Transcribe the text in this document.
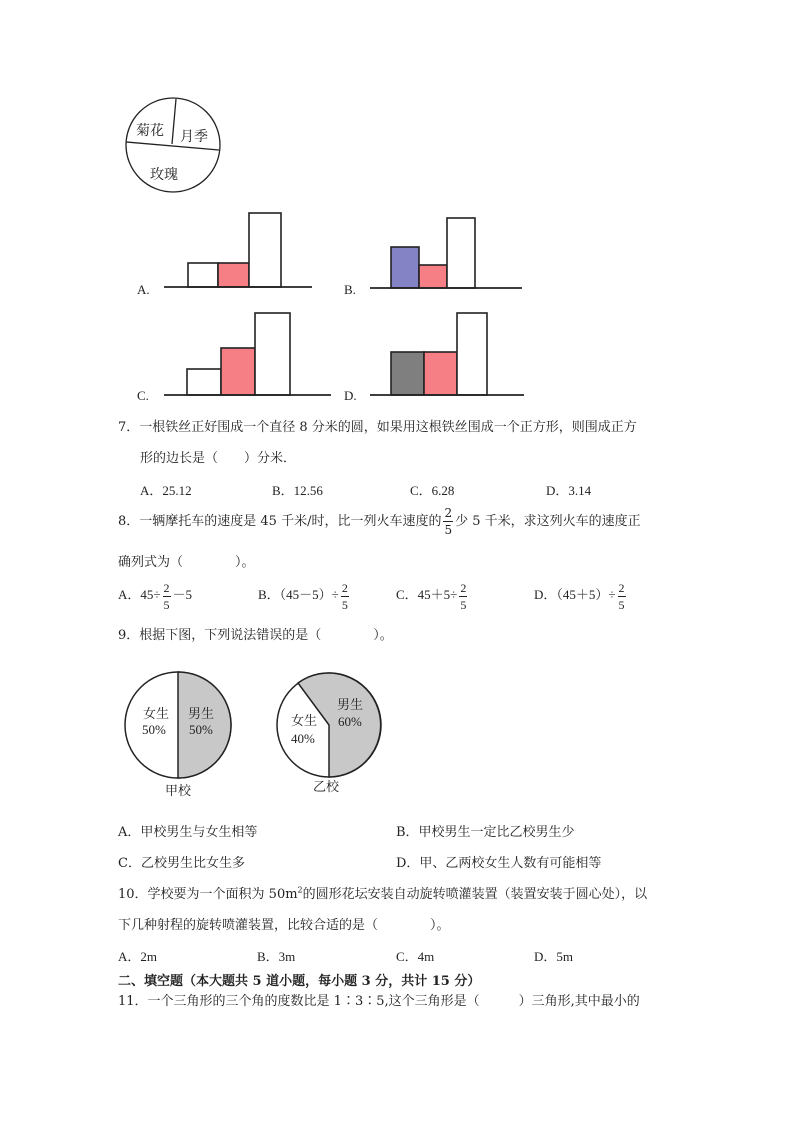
菊花 月季
玫瑰
A.	B.
C.	D.
7．一根铁丝正好围成一个直径 8 分米的圆，如果用这根铁丝围成一个正方形，则围成正方
形的边长是（　　）分米．
A．25.12	B．12.56	C．6.28	D．3.14
8．一辆摩托车的速度是 45 千米/时，比一列火车速度的 $\frac{2}{5}$ 少 5 千米，求这列火车的速度正
确列式为（　　　　）。
A．$45\div \frac{2}{5} -5$	B．$(45-5)\div \frac{2}{5}$	C．$45+5\div \frac{2}{5}$	D．$(45+5)\div \frac{2}{5}$
9．根据下图，下列说法错误的是（　　　　）。
女生
50%
男生
50%
甲校
女生
40%
男生
60%
乙校
A．甲校男生与女生相等	B．甲校男生一定比乙校男生少
C．乙校男生比女生多	D．甲、乙两校女生人数有可能相等
10．学校要为一个面积为 $50m^2$的圆形花坛安装自动旋转喷灌装置（装置安装于圆心处），以
下几种射程的旋转喷灌装置，比较合适的是（　　　　）。
A．2m	B．3m	C．4m	D．5m
二、填空题（本大题共 5 道小题，每小题 3 分，共计 15 分）
11．一个三角形的三个角的度数比是 1∶3∶5,这个三角形是（　　　）三角形,其中最小的
